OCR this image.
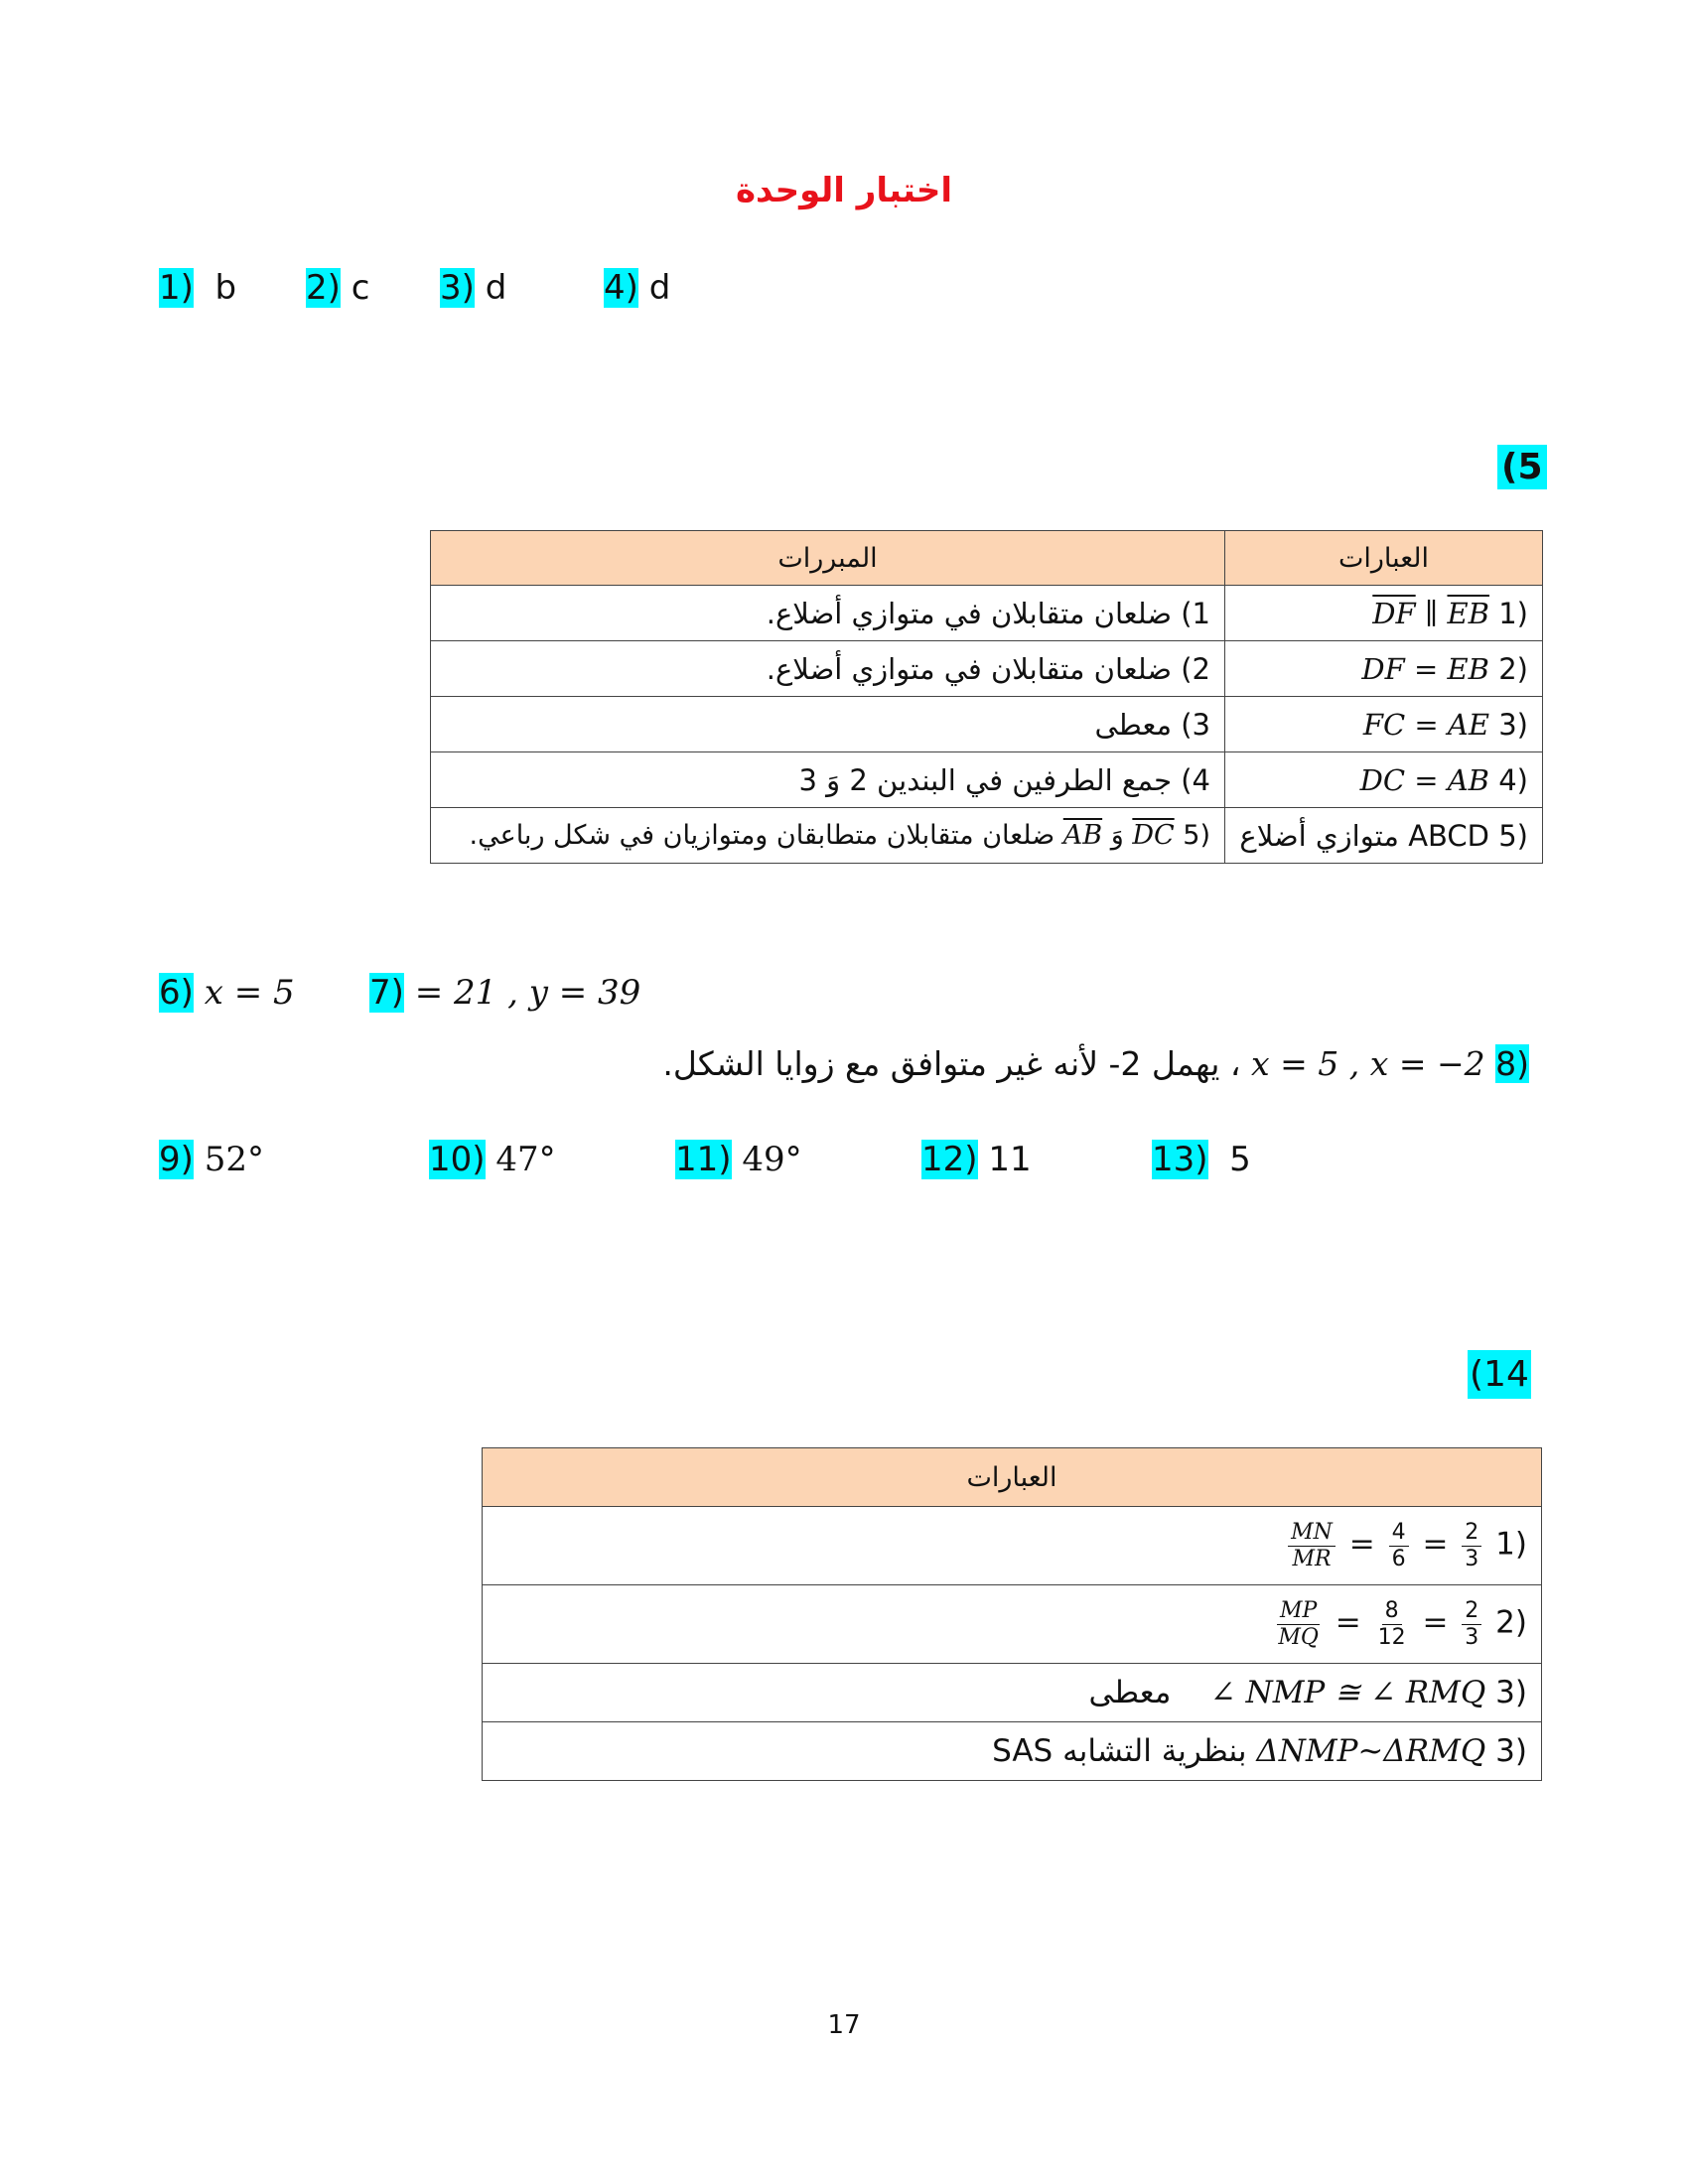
اختبار الوحدة
1) b 2) c 3) d	4) d
(5
المبررات	العبارات
1) ضلعان متقابلان في متوازي أضلاع.	(1 $\overline{DF}$ ∥ $\overline{EB}$
2) ضلعان متقابلان في متوازي أضلاع.	(2 DF = EB
3) معطى	(3 FC = AE
4) جمع الطرفين في البندين 2 وَ 3	(4 DC = AB
(5 DC وَ AB ضلعان متقابلان متطابقان ومتوازيان في شكل رباعي.	(5 ABCD متوازي أضلاع
6) x = 5 7) = 21 , y = 39
(8 x = 5 , x = −2 ، يهمل 2- لأنه غير متوافق مع زوايا الشكل.
9) 52°	10) 47°	11) 49°	12) 11	13) 5
(14
العبارات
(1
$\frac{MN}{MR} = \frac{4}{6} = \frac{2}{3}$

(2
$\frac{MP}{MQ} = \frac{8}{12} = \frac{2}{3}$

(3 ∠ NMP ≅ ∠ RMQ    معطى
(3 ΔNMP~ΔRMQ بنظرية التشابه SAS
17
